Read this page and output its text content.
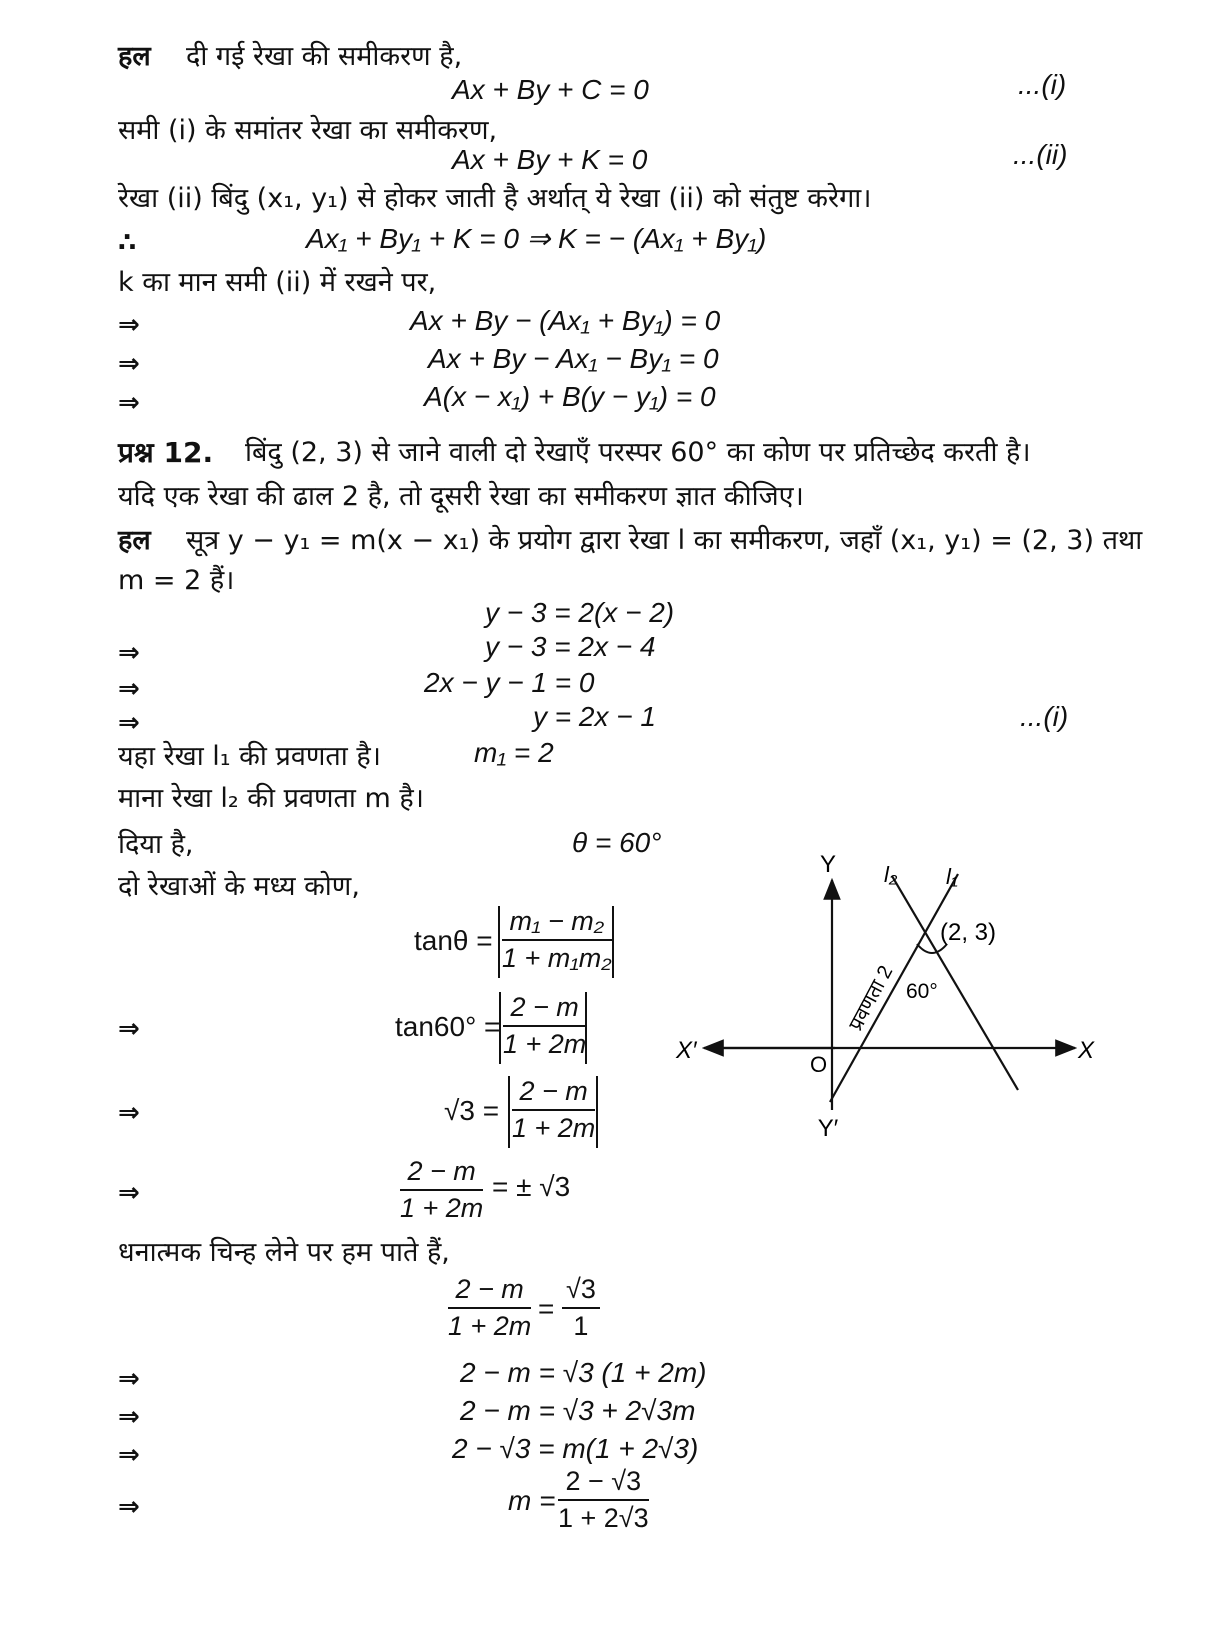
हल दी गई रेखा की समीकरण है,
Ax + By + C = 0	...(i)
समी (i) के समांतर रेखा का समीकरण,
Ax + By + K = 0	...(ii)
रेखा (ii) बिंदु (x₁, y₁) से होकर जाती है अर्थात् ये रेखा (ii) को संतुष्ट करेगा।
∴	Ax₁ + By₁ + K = 0 ⇒ K = − (Ax₁ + By₁)
k का मान समी (ii) में रखने पर,
⇒	Ax + By − (Ax₁ + By₁) = 0
⇒	Ax + By − Ax₁ − By₁ = 0
⇒	A(x − x₁) + B(y − y₁) = 0
प्रश्न 12. बिंदु (2, 3) से जाने वाली दो रेखाएँ परस्पर 60° का कोण पर प्रतिच्छेद करती है।
यदि एक रेखा की ढाल 2 है, तो दूसरी रेखा का समीकरण ज्ञात कीजिए।
हल सूत्र y − y₁ = m(x − x₁) के प्रयोग द्वारा रेखा l का समीकरण, जहाँ (x₁, y₁) = (2, 3) तथा
m = 2 हैं।
y − 3 = 2(x − 2)
⇒	y − 3 = 2x − 4
⇒	2x − y − 1 = 0
⇒	y = 2x − 1	...(i)
यहा रेखा l₁ की प्रवणता है।	m₁ = 2
माना रेखा l₂ की प्रवणता m है।
दिया है,	θ = 60°
दो रेखाओं के मध्य कोण,
$\tan\theta = \frac{\text{m₁ − m₂}}{\text{1 + m₁m₂}}$
⇒	$\tan 60^\circ = \frac{2 - m}{1 + 2m}$
⇒	$√3 = \frac{2 - m}{1 + 2m}$
⇒	$\frac{2 - m}{1 + 2m}$ = ± √3
धनात्मक चिन्ह लेने पर हम पाते हैं,
$\frac{2 - m}{1 + 2m} = \frac{√3}{1}$
⇒	2 − m = √3 (1 + 2m)
⇒	2 − m = √3 + 2√3m
⇒	2 − √3 = m(1 + 2√3)
⇒	$m = \frac{2 - √3}{1 + 2√3}$
Y
Y′
X
X′
O
l₂ l₁
(2, 3)
60°
प्रवणता 2
